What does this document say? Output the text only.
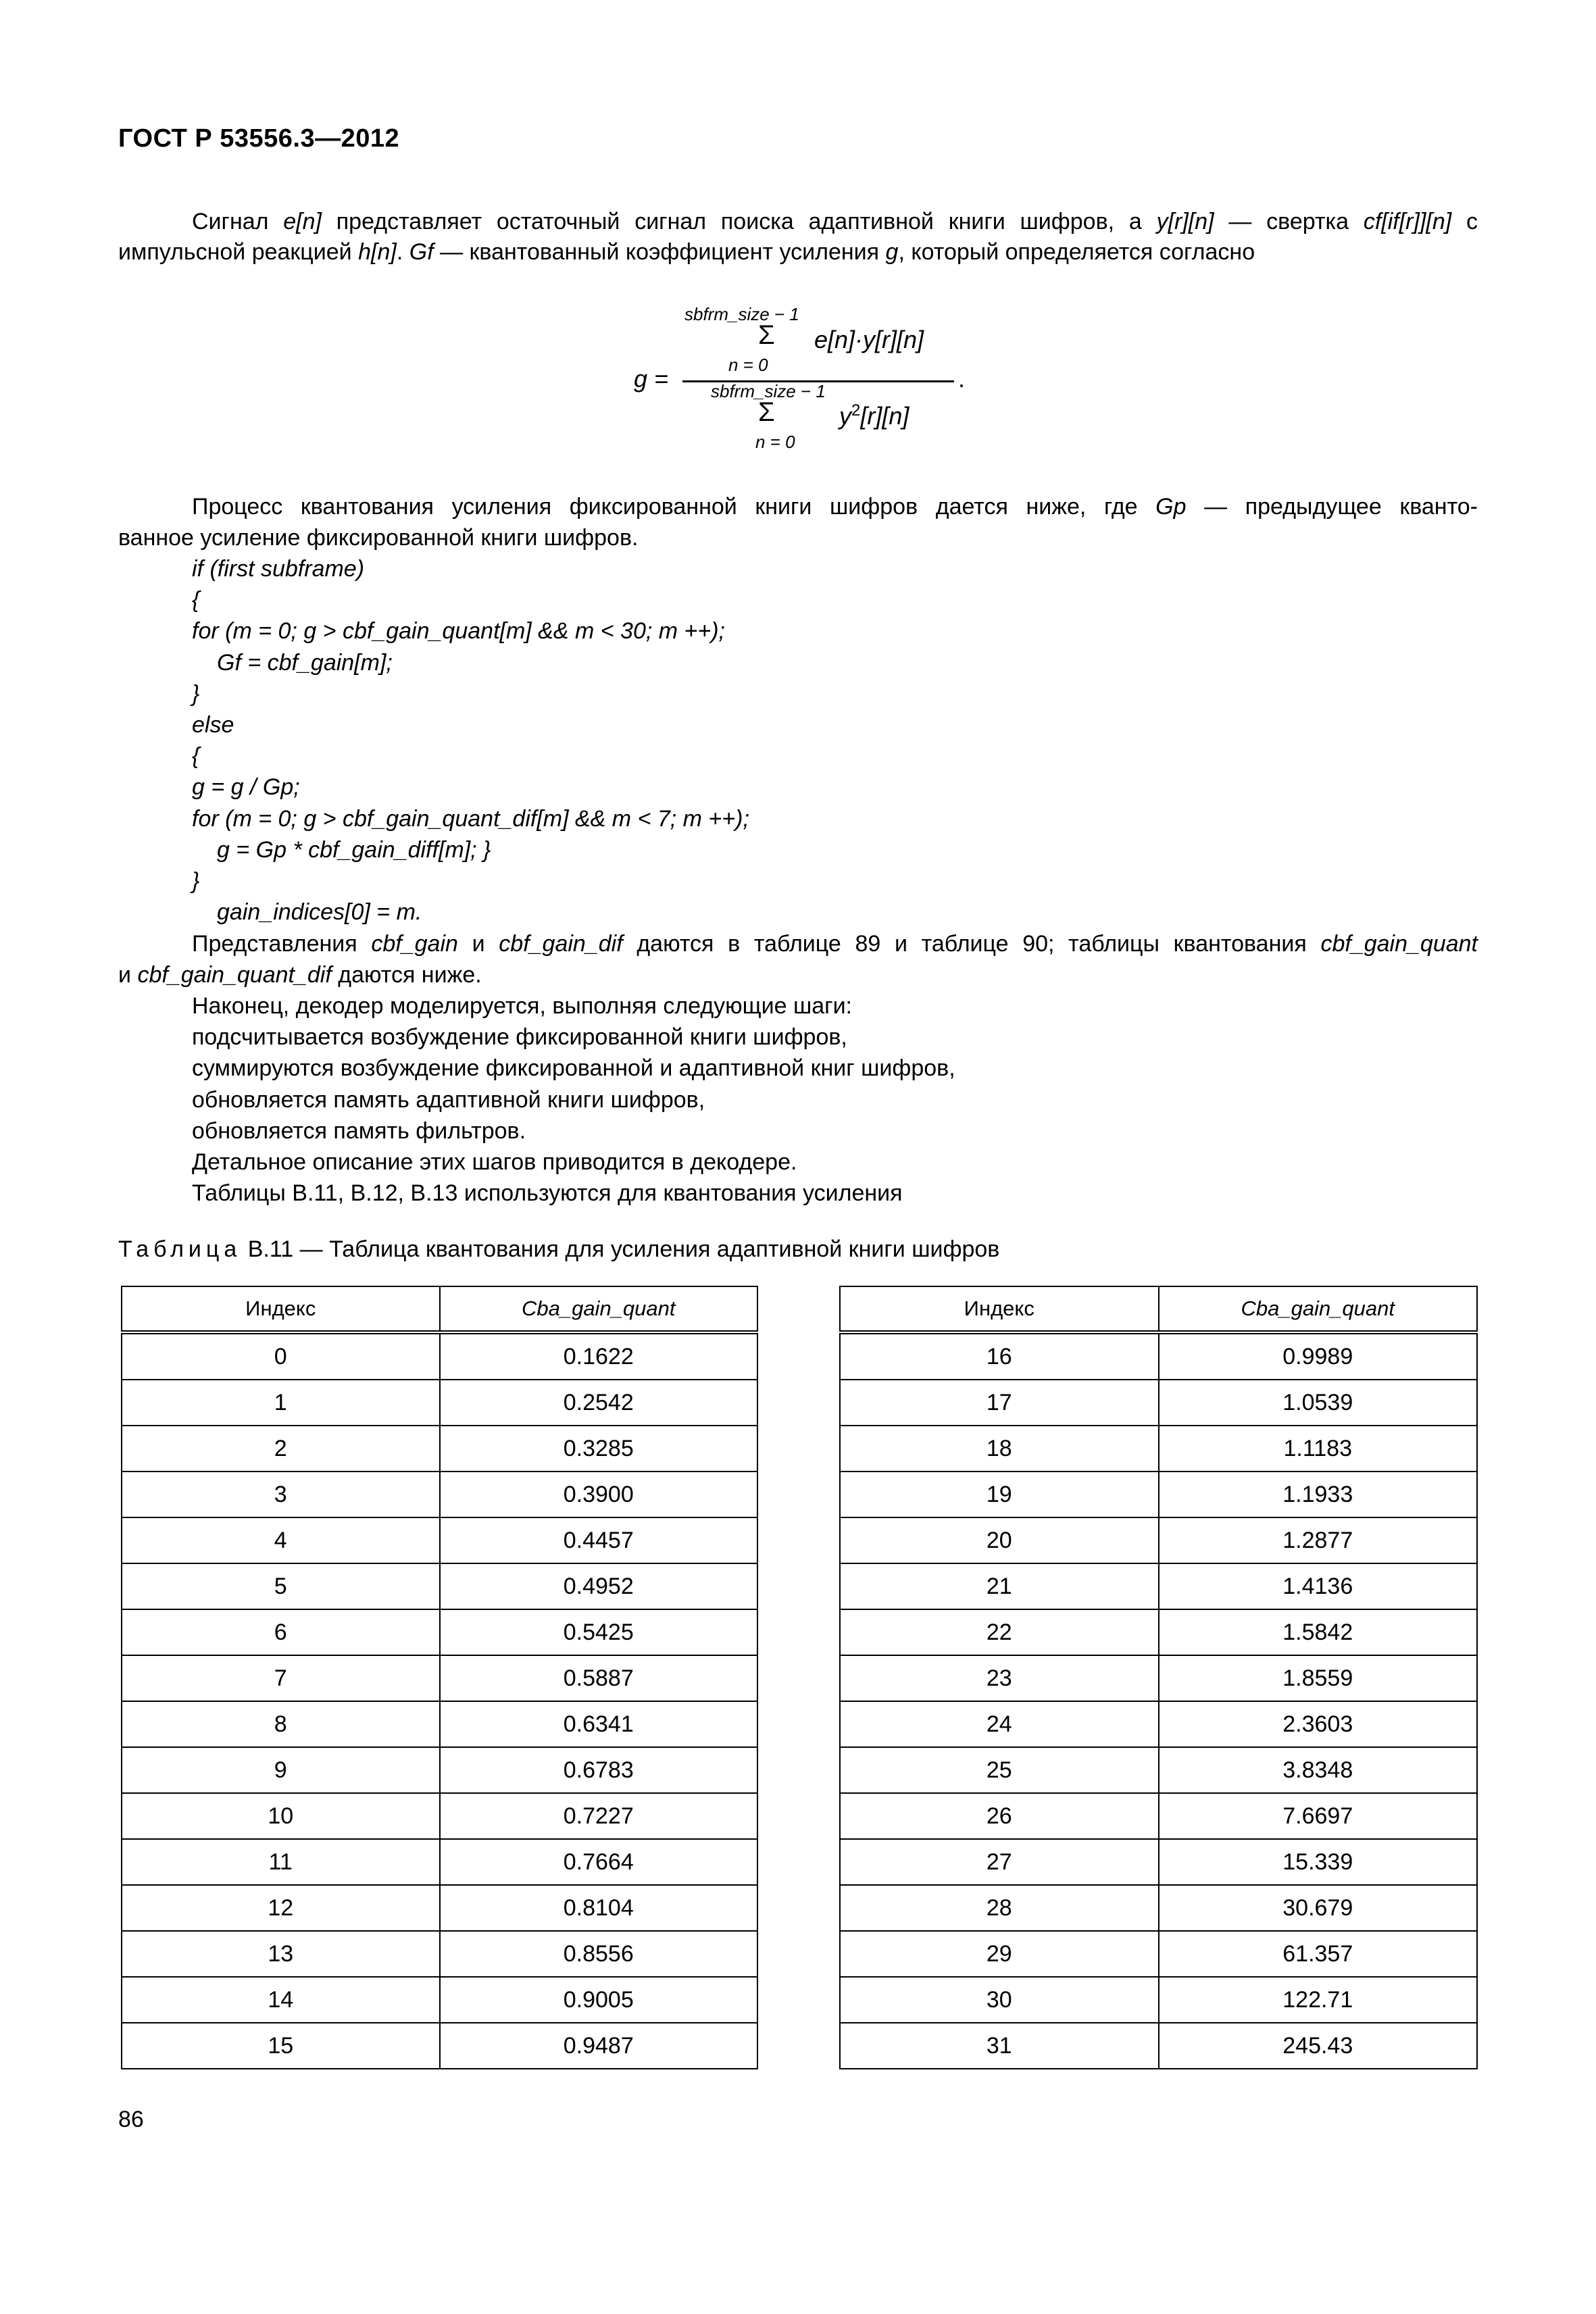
ГОСТ Р 53556.3—2012
Сигнал e[n] представляет остаточный сигнал поиска адаптивной книги шифров, а y[r][n] — свертка cf[if[r]][n] с
импульсной реакцией h[n]. Gf — квантованный коэффициент усиления g, который определяется согласно
sbfrm_size − 1
Σ
n = 0
e[n]·y[r][n]
g =	.
sbfrm_size − 1
Σ
n = 0
$y^2[r][n]$
Процесс квантования усиления фиксированной книги шифров дается ниже, где Gp — предыдущее кванто-
ванное усиление фиксированной книги шифров.
if (first subframe)
{
for (m = 0; g > cbf_gain_quant[m] && m < 30; m ++);
Gf = cbf_gain[m];
}
else
{
g = g / Gp;
for (m = 0; g > cbf_gain_quant_dif[m] && m < 7; m ++);
g = Gp * cbf_gain_diff[m]; }
}
gain_indices[0] = m.
Представления cbf_gain и cbf_gain_dif даются в таблице 89 и таблице 90; таблицы квантования cbf_gain_quant
и cbf_gain_quant_dif даются ниже.
Наконец, декодер моделируется, выполняя следующие шаги:
подсчитывается возбуждение фиксированной книги шифров,
суммируются возбуждение фиксированной и адаптивной книг шифров,
обновляется память адаптивной книги шифров,
обновляется память фильтров.
Детальное описание этих шагов приводится в декодере.
Таблицы В.11, В.12, В.13 используются для квантования усиления
Таблица В.11 — Таблица квантования для усиления адаптивной книги шифров
Индекс	Cba_gain_quant
0	0.1622
1	0.2542
2	0.3285
3	0.3900
4	0.4457
5	0.4952
6	0.5425
7	0.5887
8	0.6341
9	0.6783
10	0.7227
11	0.7664
12	0.8104
13	0.8556
14	0.9005
15	0.9487
Индекс	Cba_gain_quant
16	0.9989
17	1.0539
18	1.1183
19	1.1933
20	1.2877
21	1.4136
22	1.5842
23	1.8559
24	2.3603
25	3.8348
26	7.6697
27	15.339
28	30.679
29	61.357
30	122.71
31	245.43
86
